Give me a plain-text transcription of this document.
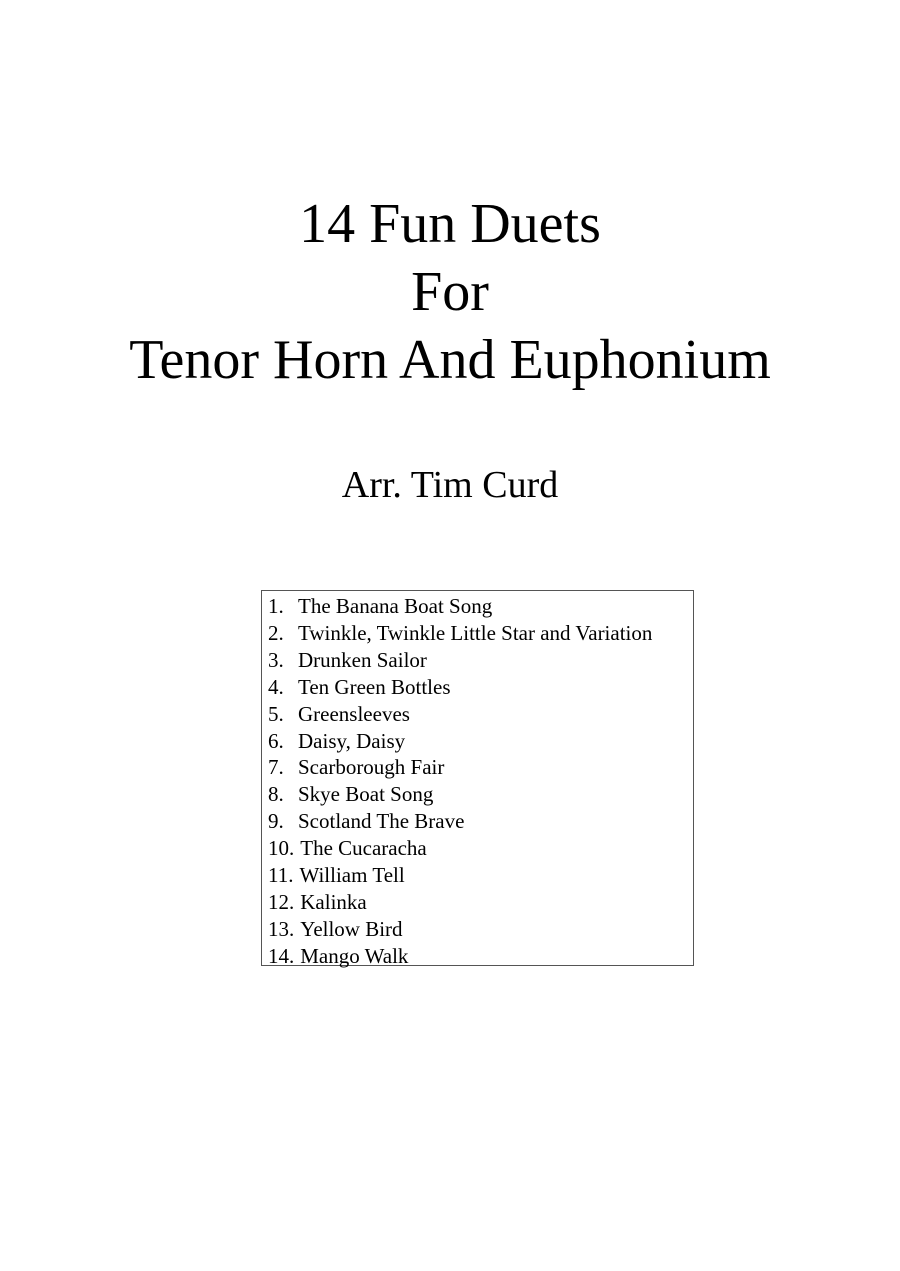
14 Fun Duets
For
Tenor Horn And Euphonium
Arr. Tim Curd
1. The Banana Boat Song
2. Twinkle, Twinkle Little Star and Variation
3. Drunken Sailor
4. Ten Green Bottles
5. Greensleeves
6. Daisy, Daisy
7. Scarborough Fair
8. Skye Boat Song
9. Scotland The Brave
10. The Cucaracha
11. William Tell
12. Kalinka
13. Yellow Bird
14. Mango Walk
